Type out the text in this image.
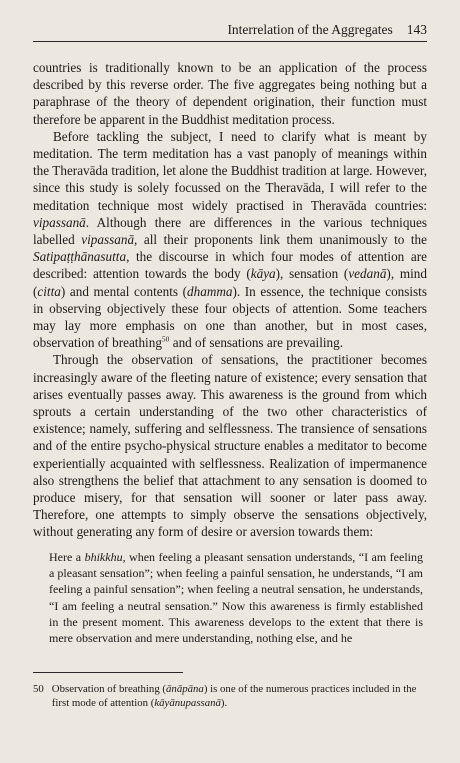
Interrelation of the Aggregates 143

countries is traditionally known to be an application of the process described by this reverse order. The five aggregates being nothing but a paraphrase of the theory of dependent origination, their function must therefore be apparent in the Buddhist meditation process.

Before tackling the subject, I need to clarify what is meant by meditation. The term meditation has a vast panoply of meanings within the Theravāda tradition, let alone the Buddhist tradition at large. However, since this study is solely focussed on the Theravāda, I will refer to the meditation technique most widely practised in Theravāda countries: vipassanā. Although there are differences in the various techniques labelled vipassanā, all their proponents link them unanimously to the Satipaṭṭhānasutta, the discourse in which four modes of attention are described: attention towards the body (kāya), sensation (vedanā), mind (citta) and mental contents (dhamma). In essence, the technique consists in observing objectively these four objects of attention. Some teachers may lay more emphasis on one than another, but in most cases, observation of breathing$^{50}$ and of sensations are prevailing.

Through the observation of sensations, the practitioner becomes increasingly aware of the fleeting nature of existence; every sensation that arises eventually passes away. This awareness is the ground from which sprouts a certain understanding of the two other characteristics of existence; namely, suffering and selflessness. The transience of sensations and of the entire psycho-physical structure enables a meditator to become experientially acquainted with selflessness. Realization of impermanence also strengthens the belief that attachment to any sensation is doomed to produce misery, for that sensation will sooner or later pass away. Therefore, one attempts to simply observe the sensations objectively, without generating any form of desire or aversion towards them:

Here a bhikkhu, when feeling a pleasant sensation understands, “I am feeling a pleasant sensation”; when feeling a painful sensation, he understands, “I am feeling a painful sensation”; when feeling a neutral sensation, he understands, “I am feeling a neutral sensation.” Now this awareness is firmly established in the present moment. This awareness develops to the extent that there is mere observation and mere understanding, nothing else, and he
50 Observation of breathing (ānāpāna) is one of the numerous practices included in the first mode of attention (kāyānupassanā).
